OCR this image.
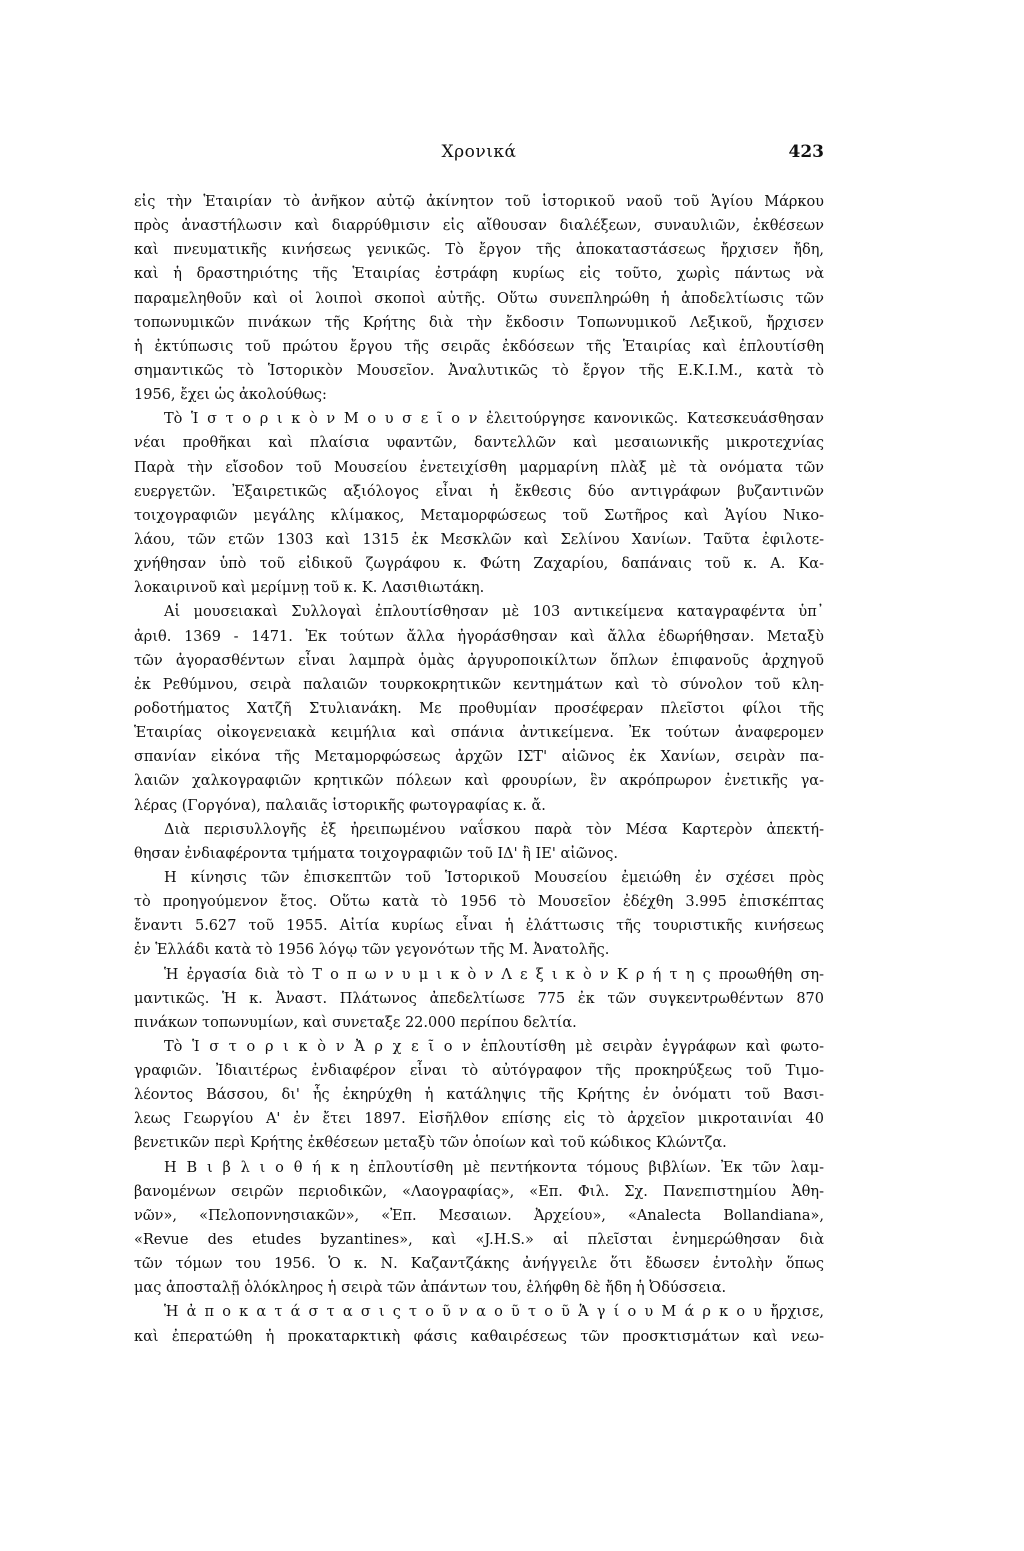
Χρονικά	423
εἰς τὴν Ἑταιρίαν τὸ ἀνῆκον αὐτῷ ἀκίνητον τοῦ ἱστορικοῦ ναοῦ τοῦ Ἁγίου Μάρκου
πρὸς ἀναστήλωσιν καὶ διαρρύθμισιν εἰς αἴθουσαν διαλέξεων, συναυλιῶν, ἐκθέσεων
καὶ πνευματικῆς κινήσεως γενικῶς. Τὸ ἔργον τῆς ἀποκαταστάσεως ἤρχισεν ἤδη,
καὶ ἡ δραστηριότης τῆς Ἑταιρίας ἐστράφη κυρίως εἰς τοῦτο, χωρὶς πάντως νὰ
παραμεληθοῦν καὶ οἱ λοιποὶ σκοποὶ αὐτῆς. Οὕτω συνεπληρώθη ἡ ἀποδελτίωσις τῶν
τοπωνυμικῶν πινάκων τῆς Κρήτης διὰ τὴν ἔκδοσιν Τοπωνυμικοῦ Λεξικοῦ, ἤρχισεν
ἡ ἐκτύπωσις τοῦ πρώτου ἔργου τῆς σειρᾶς ἐκδόσεων τῆς Ἑταιρίας καὶ ἐπλουτίσθη
σημαντικῶς τὸ Ἱστορικὸν Μουσεῖον. Ἀναλυτικῶς τὸ ἔργον τῆς Ε.Κ.Ι.Μ., κατὰ τὸ
1956, ἔχει ὡς ἀκολούθως:
Τὸ Ἱ σ τ ο ρ ι κ ὸ ν Μ ο υ σ ε ῖ ο ν ἐλειτούργησε κανονικῶς. Κατεσκευάσθησαν
νέαι προθῆκαι καὶ πλαίσια υφαντῶν, δαντελλῶν καὶ μεσαιωνικῆς μικροτεχνίας
Παρὰ τὴν εἴσοδον τοῦ Μουσείου ἐνετειχίσθη μαρμαρίνη πλὰξ μὲ τὰ ονόματα τῶν
ευεργετῶν. Ἐξαιρετικῶς αξιόλογος εἶναι ἡ ἔκθεσις δύο αντιγράφων βυζαντινῶν
τοιχογραφιῶν μεγάλης κλίμακος, Μεταμορφώσεως τοῦ Σωτῆρος καὶ Ἁγίου Νικο-
λάου, τῶν ετῶν 1303 καὶ 1315 ἐκ Μεσκλῶν καὶ Σελίνου Χανίων. Ταῦτα ἐφιλοτε-
χνήθησαν ὑπὸ τοῦ εἰδικοῦ ζωγράφου κ. Φώτη Ζαχαρίου, δαπάναις τοῦ κ. Α. Κα-
λοκαιρινοῦ καὶ μερίμνῃ τοῦ κ. Κ. Λασιθιωτάκη.
Αἱ μουσειακαὶ Συλλογαὶ ἐπλουτίσθησαν μὲ 103 αντικείμενα καταγραφέντα ὑπ᾿
ἀριθ. 1369 - 1471. Ἐκ τούτων ἄλλα ἠγοράσθησαν καὶ ἄλλα ἐδωρήθησαν. Μεταξὺ
τῶν ἀγορασθέντων εἶναι λαμπρὰ ὁμὰς ἀργυροποικίλτων ὅπλων ἐπιφανοῦς ἀρχηγοῦ
ἐκ Ρεθύμνου, σειρὰ παλαιῶν τουρκοκρητικῶν κεντημάτων καὶ τὸ σύνολον τοῦ κλη-
ροδοτήματος Χατζῆ Στυλιανάκη. Με προθυμίαν προσέφεραν πλεῖστοι φίλοι τῆς
Ἑταιρίας οἰκογενειακὰ κειμήλια καὶ σπάνια ἀντικείμενα. Ἐκ τούτων ἀναφερομεν
σπανίαν εἰκόνα τῆς Μεταμορφώσεως ἀρχῶν ΙΣΤ' αἰῶνος ἐκ Χανίων, σειρὰν πα-
λαιῶν χαλκογραφιῶν κρητικῶν πόλεων καὶ φρουρίων, ἓν ακρόπρωρον ἐνετικῆς γα-
λέρας (Γοργόνα), παλαιᾶς ἱστορικῆς φωτογραφίας κ. ἄ.
Διὰ περισυλλογῆς ἐξ ἠρειπωμένου ναΐσκου παρὰ τὸν Μέσα Καρτερὸν ἀπεκτή-
θησαν ἐνδιαφέροντα τμήματα τοιχογραφιῶν τοῦ ΙΔ' ἢ ΙΕ' αἰῶνος.
Η κίνησις τῶν ἐπισκεπτῶν τοῦ Ἱστορικοῦ Μουσείου ἐμειώθη ἐν σχέσει πρὸς
τὸ προηγούμενον ἔτος. Οὕτω κατὰ τὸ 1956 τὸ Μουσεῖον ἐδέχθη 3.995 ἐπισκέπτας
ἔναντι 5.627 τοῦ 1955. Αἰτία κυρίως εἶναι ἡ ἐλάττωσις τῆς τουριστικῆς κινήσεως
ἐν Ἑλλάδι κατὰ τὸ 1956 λόγῳ τῶν γεγονότων τῆς Μ. Ἀνατολῆς.
Ἡ ἐργασία διὰ τὸ Τ ο π ω ν υ μ ι κ ὸ ν Λ ε ξ ι κ ὸ ν Κ ρ ή τ η ς προωθήθη ση-
μαντικῶς. Ἡ κ. Ἀναστ. Πλάτωνος ἀπεδελτίωσε 775 ἐκ τῶν συγκεντρωθέντων 870
πινάκων τοπωνυμίων, καὶ συνεταξε 22.000 περίπου δελτία.
Τὸ Ἱ σ τ ο ρ ι κ ὸ ν Ἀ ρ χ ε ῖ ο ν ἐπλουτίσθη μὲ σειρὰν ἐγγράφων καὶ φωτο-
γραφιῶν. Ἰδιαιτέρως ἐνδιαφέρον εἶναι τὸ αὐτόγραφον τῆς προκηρύξεως τοῦ Τιμο-
λέοντος Βάσσου, δι' ἧς ἐκηρύχθη ἡ κατάληψις τῆς Κρήτης ἐν ὀνόματι τοῦ Βασι-
λεως Γεωργίου Α' ἐν ἔτει 1897. Εἰσῆλθον επίσης εἰς τὸ ἀρχεῖον μικροταινίαι 40
βενετικῶν περὶ Κρήτης ἐκθέσεων μεταξὺ τῶν ὁποίων καὶ τοῦ κώδικος Κλώντζα.
Η Β ι β λ ι ο θ ή κ η ἐπλουτίσθη μὲ πεντήκοντα τόμους βιβλίων. Ἐκ τῶν λαμ-
βανομένων σειρῶν περιοδικῶν, «Λαογραφίας», «Επ. Φιλ. Σχ. Πανεπιστημίου Ἀθη-
νῶν», «Πελοποννησιακῶν», «Ἐπ. Μεσαιων. Ἀρχείου», «Analecta Bollandiana»,
«Revue des etudes byzantines», καὶ «J.H.S.» αἱ πλεῖσται ἐνημερώθησαν διὰ
τῶν τόμων του 1956. Ὁ κ. Ν. Καζαντζάκης ἀνήγγειλε ὅτι ἔδωσεν ἐντολὴν ὅπως
μας ἀποσταλῇ ὁλόκληρος ἡ σειρὰ τῶν ἀπάντων του, ἐλήφθη δὲ ἤδη ἡ Ὀδύσσεια.
Ἡ ἀ π ο κ α τ ά σ τ α σ ι ς τ ο ῦ ν α ο ῦ τ ο ῦ Ἁ γ ί ο υ Μ ά ρ κ ο υ ἤρχισε,
καὶ ἐπερατώθη ἡ προκαταρκτικὴ φάσις καθαιρέσεως τῶν προσκτισμάτων καὶ νεω-
